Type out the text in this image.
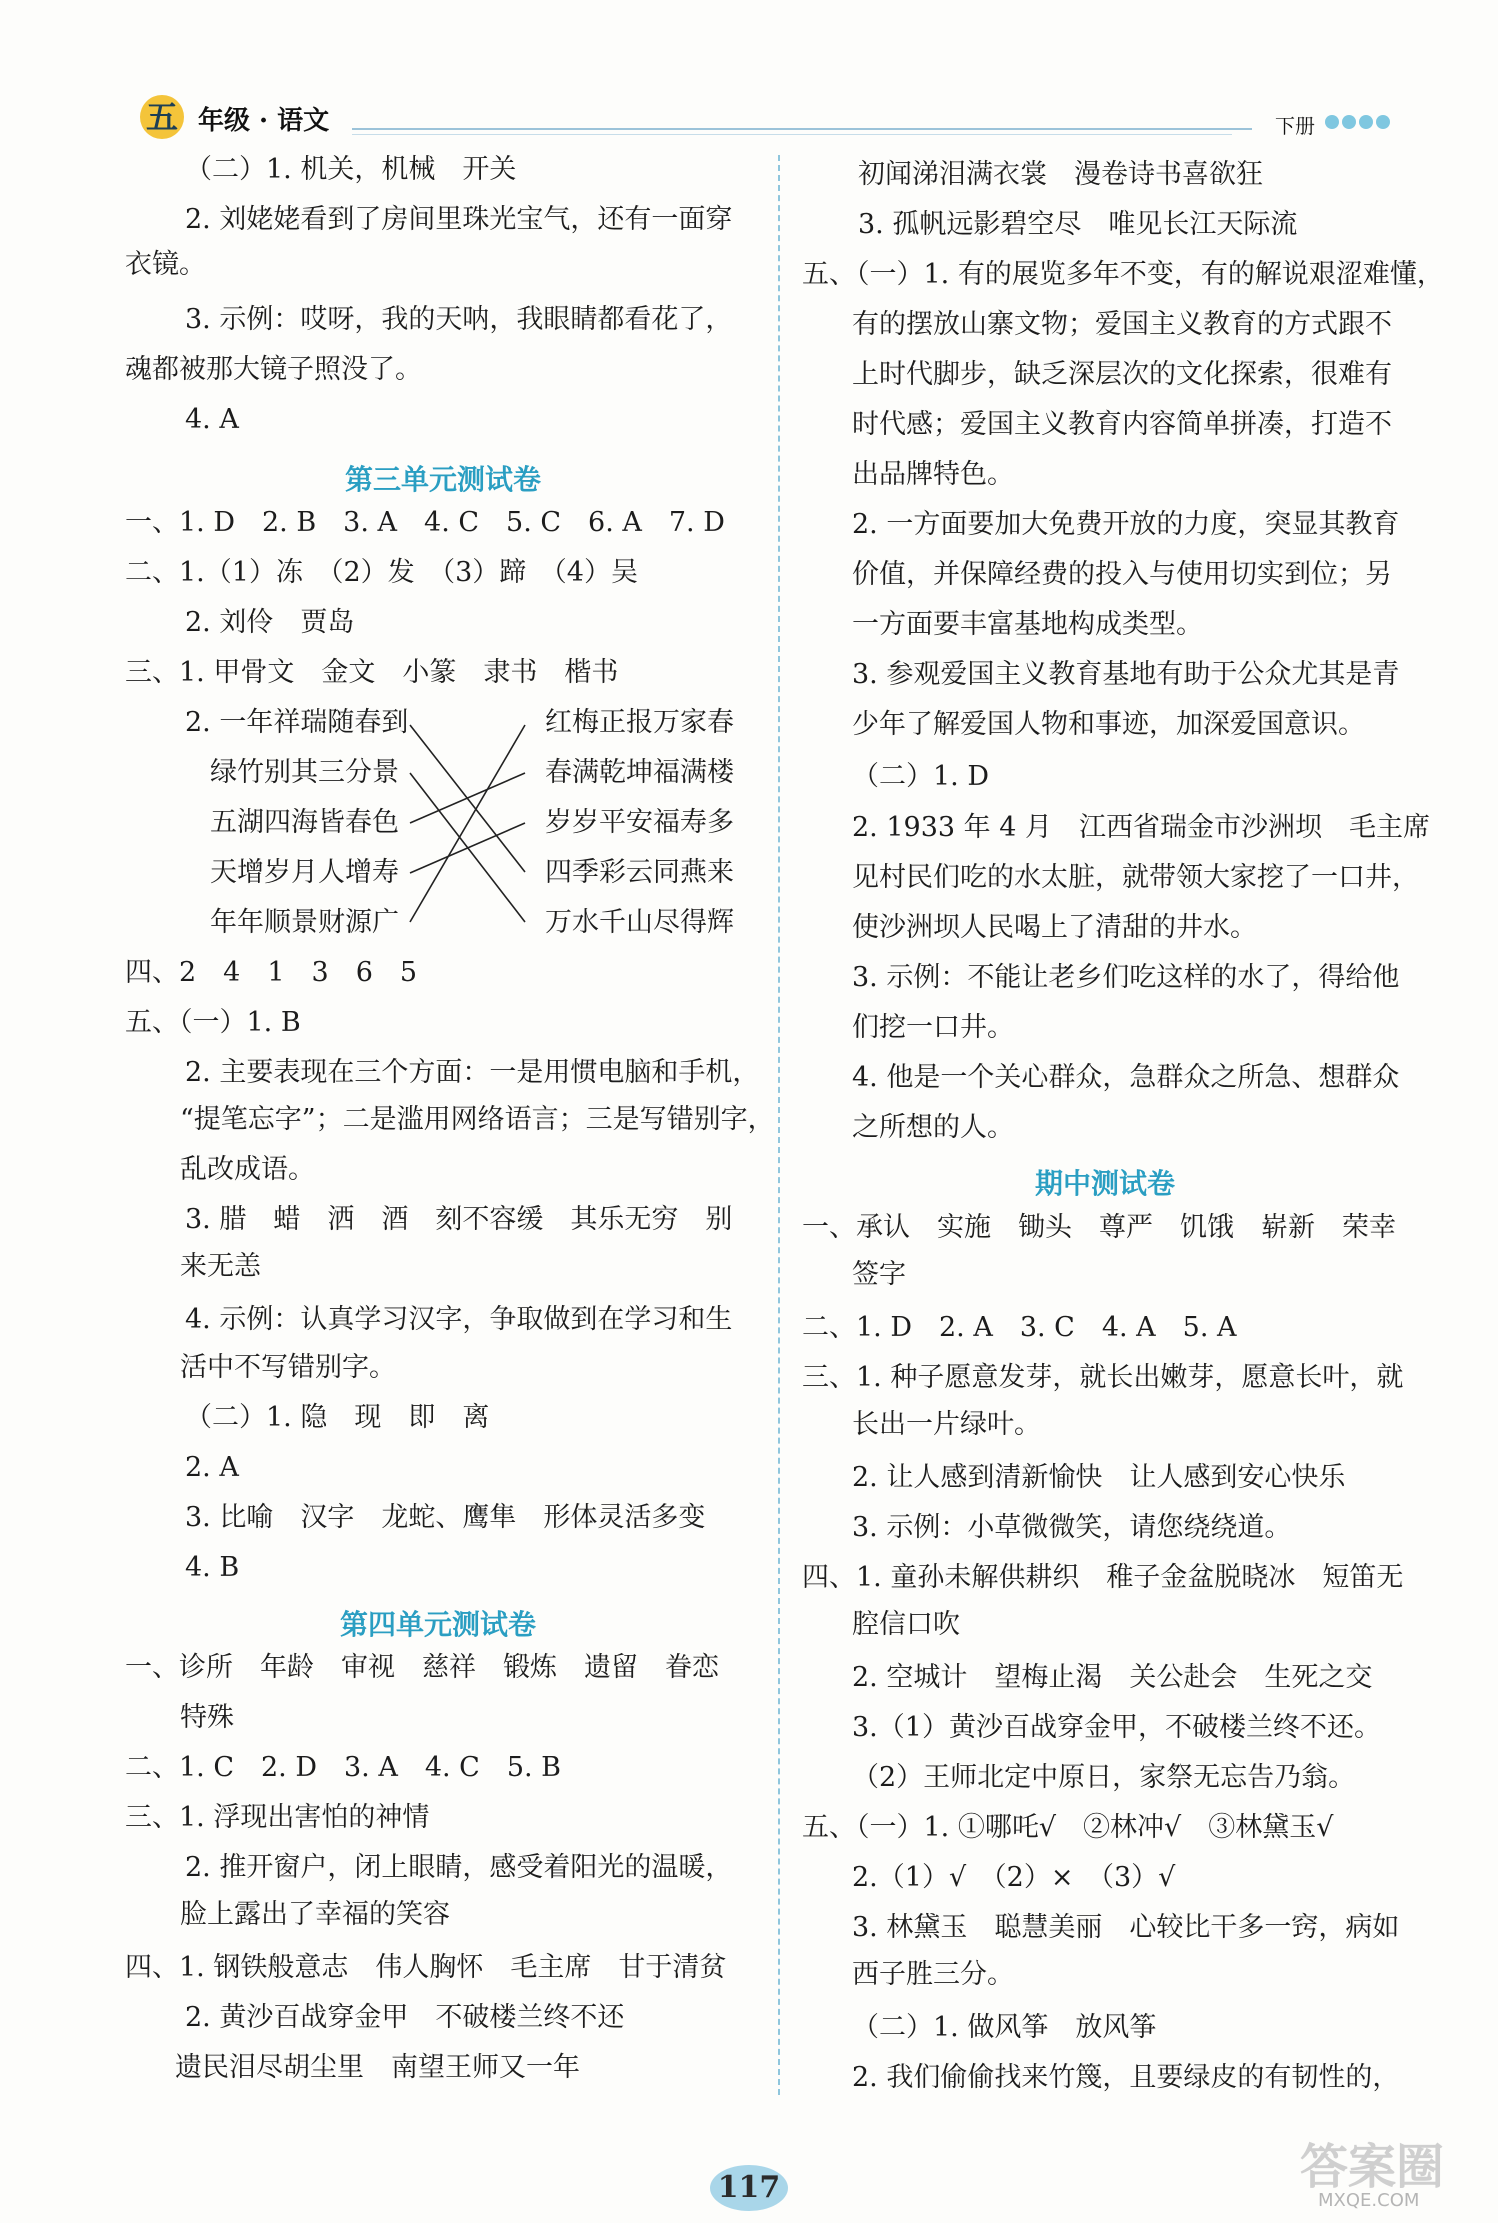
五 年级 · 语文	下册
（二）1. 机关，机械　开关
2. 刘姥姥看到了房间里珠光宝气，还有一面穿
衣镜。
3. 示例：哎呀，我的天呐，我眼睛都看花了，
魂都被那大镜子照没了。
4. A
第三单元测试卷
一、1. D　2. B　3. A　4. C　5. C　6. A　7. D
二、1.（1）冻　（2）发　（3）蹄　（4）吴
2. 刘伶　贾岛
三、1. 甲骨文　金文　小篆　隶书　楷书
2. 一年祥瑞随春到
绿竹别其三分景
五湖四海皆春色
天增岁月人增寿
年年顺景财源广
红梅正报万家春
春满乾坤福满楼
岁岁平安福寿多
四季彩云同燕来
万水千山尽得辉
四、2　4　1　3　6　5
五、（一）1. B
2. 主要表现在三个方面：一是用惯电脑和手机，
“提笔忘字”；二是滥用网络语言；三是写错别字，
乱改成语。
3. 腊　蜡　洒　酒　刻不容缓　其乐无穷　别
来无恙
4. 示例：认真学习汉字，争取做到在学习和生
活中不写错别字。
（二）1. 隐　现　即　离
2. A
3. 比喻　汉字　龙蛇、鹰隼　形体灵活多变
4. B
第四单元测试卷
一、诊所　年龄　审视　慈祥　锻炼　遗留　眷恋
特殊
二、1. C　2. D　3. A　4. C　5. B
三、1. 浮现出害怕的神情
2. 推开窗户，闭上眼睛，感受着阳光的温暖，
脸上露出了幸福的笑容
四、1. 钢铁般意志　伟人胸怀　毛主席　甘于清贫
2. 黄沙百战穿金甲　不破楼兰终不还
遗民泪尽胡尘里　南望王师又一年
初闻涕泪满衣裳　漫卷诗书喜欲狂
3. 孤帆远影碧空尽　唯见长江天际流
五、（一）1. 有的展览多年不变，有的解说艰涩难懂，
有的摆放山寨文物；爱国主义教育的方式跟不
上时代脚步，缺乏深层次的文化探索，很难有
时代感；爱国主义教育内容简单拼凑，打造不
出品牌特色。
2. 一方面要加大免费开放的力度，突显其教育
价值，并保障经费的投入与使用切实到位；另
一方面要丰富基地构成类型。
3. 参观爱国主义教育基地有助于公众尤其是青
少年了解爱国人物和事迹，加深爱国意识。
（二）1. D
2. 1933 年 4 月　江西省瑞金市沙洲坝　毛主席
见村民们吃的水太脏，就带领大家挖了一口井，
使沙洲坝人民喝上了清甜的井水。
3. 示例：不能让老乡们吃这样的水了，得给他
们挖一口井。
4. 他是一个关心群众，急群众之所急、想群众
之所想的人。
期中测试卷
一、承认　实施　锄头　尊严　饥饿　崭新　荣幸
签字
二、1. D　2. A　3. C　4. A　5. A
三、1. 种子愿意发芽，就长出嫩芽，愿意长叶，就
长出一片绿叶。
2. 让人感到清新愉快　让人感到安心快乐
3. 示例：小草微微笑，请您绕绕道。
四、1. 童孙未解供耕织　稚子金盆脱晓冰　短笛无
腔信口吹
2. 空城计　望梅止渴　关公赴会　生死之交
3.（1）黄沙百战穿金甲，不破楼兰终不还。
（2）王师北定中原日，家祭无忘告乃翁。
五、（一）1. ①哪吒√　②林冲√　③林黛玉√
2.（1）√　（2）×　（3）√
3. 林黛玉　聪慧美丽　心较比干多一窍，病如
西子胜三分。
（二）1. 做风筝　放风筝
2. 我们偷偷找来竹篾，且要绿皮的有韧性的，
117	答案圈
MXQE.COM
